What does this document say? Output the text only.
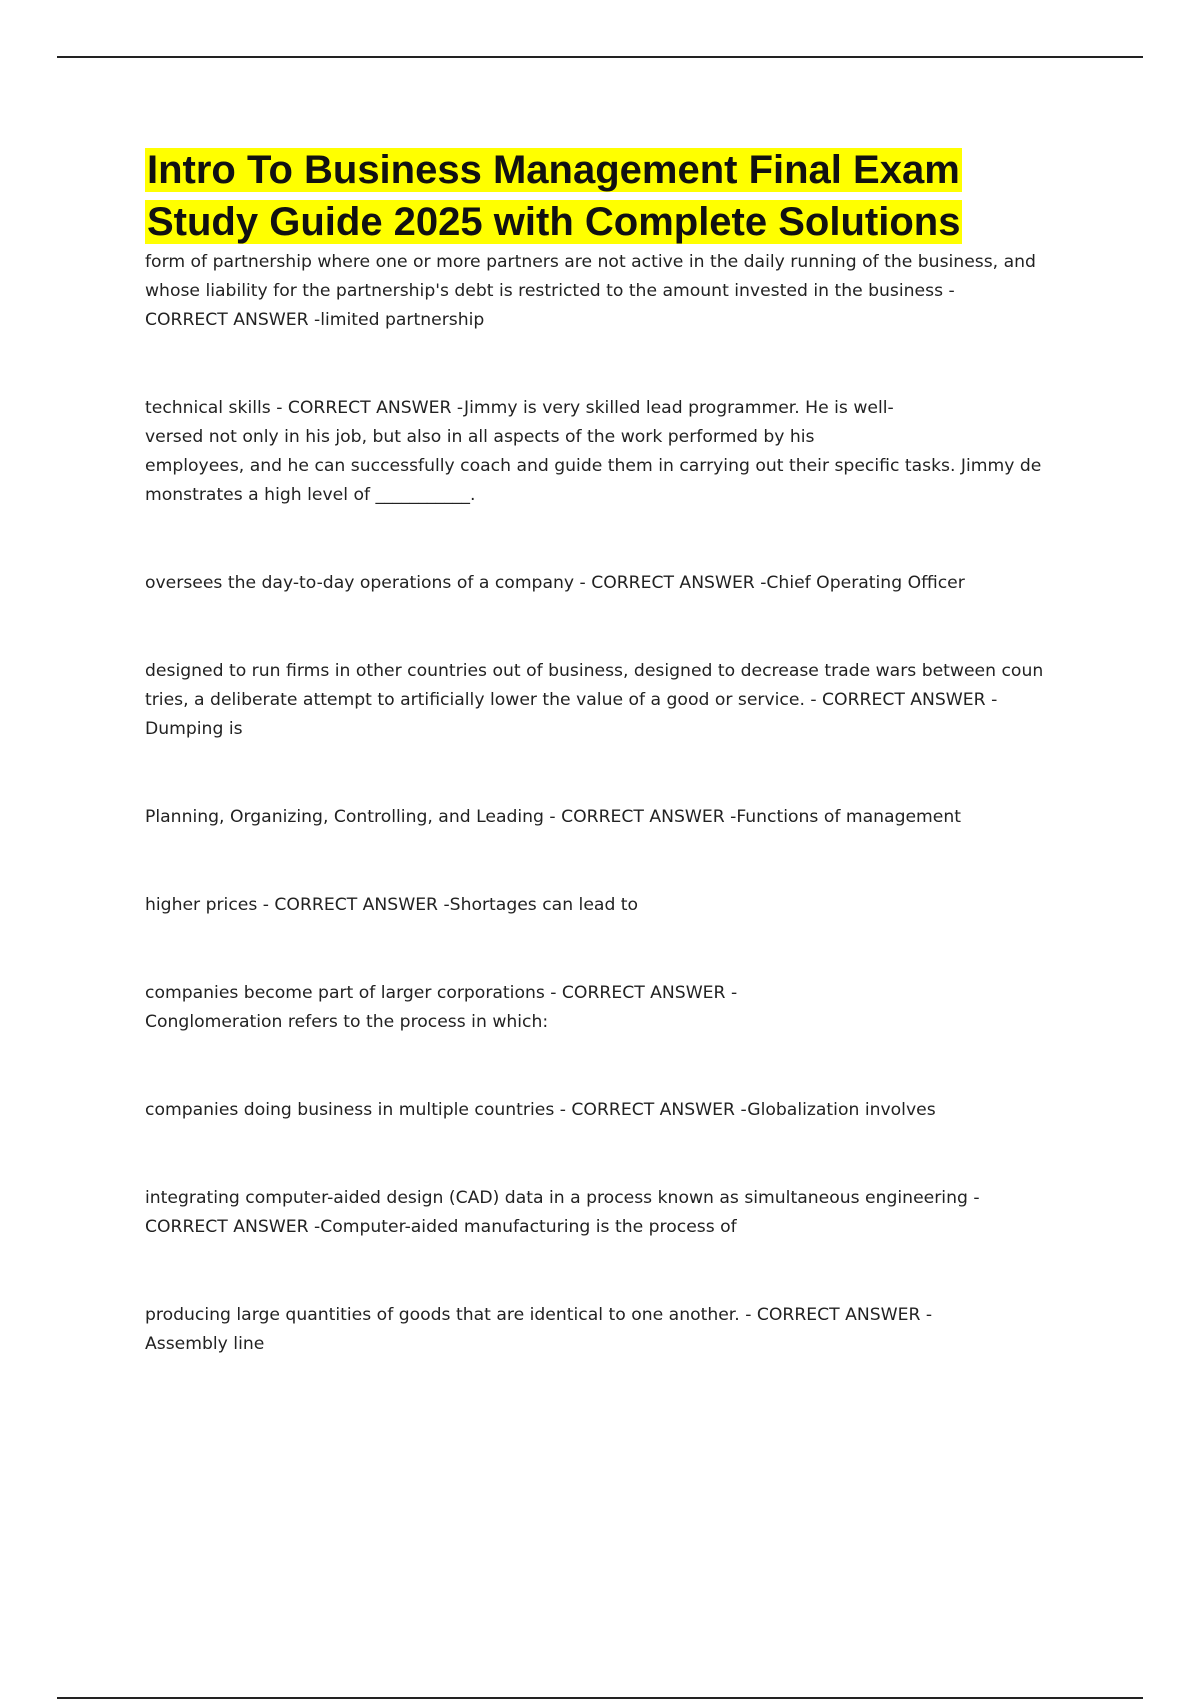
Intro To Business Management Final Exam
Study Guide 2025 with Complete Solutions

form of partnership where one or more partners are not active in the daily running of the business, and
whose liability for the partnership's debt is restricted to the amount invested in the business -
CORRECT ANSWER -limited partnership

technical skills - CORRECT ANSWER -Jimmy is very skilled lead programmer. He is well-
versed not only in his job, but also in all aspects of the work performed by his
employees, and he can successfully coach and guide them in carrying out their specific tasks. Jimmy de
monstrates a high level of ___________.

oversees the day-to-day operations of a company - CORRECT ANSWER -Chief Operating Officer

designed to run firms in other countries out of business, designed to decrease trade wars between coun
tries, a deliberate attempt to artificially lower the value of a good or service. - CORRECT ANSWER -
Dumping is

Planning, Organizing, Controlling, and Leading - CORRECT ANSWER -Functions of management

higher prices - CORRECT ANSWER -Shortages can lead to

companies become part of larger corporations - CORRECT ANSWER -
Conglomeration refers to the process in which:

companies doing business in multiple countries - CORRECT ANSWER -Globalization involves

integrating computer-aided design (CAD) data in a process known as simultaneous engineering -
CORRECT ANSWER -Computer-aided manufacturing is the process of

producing large quantities of goods that are identical to one another. - CORRECT ANSWER -
Assembly line
